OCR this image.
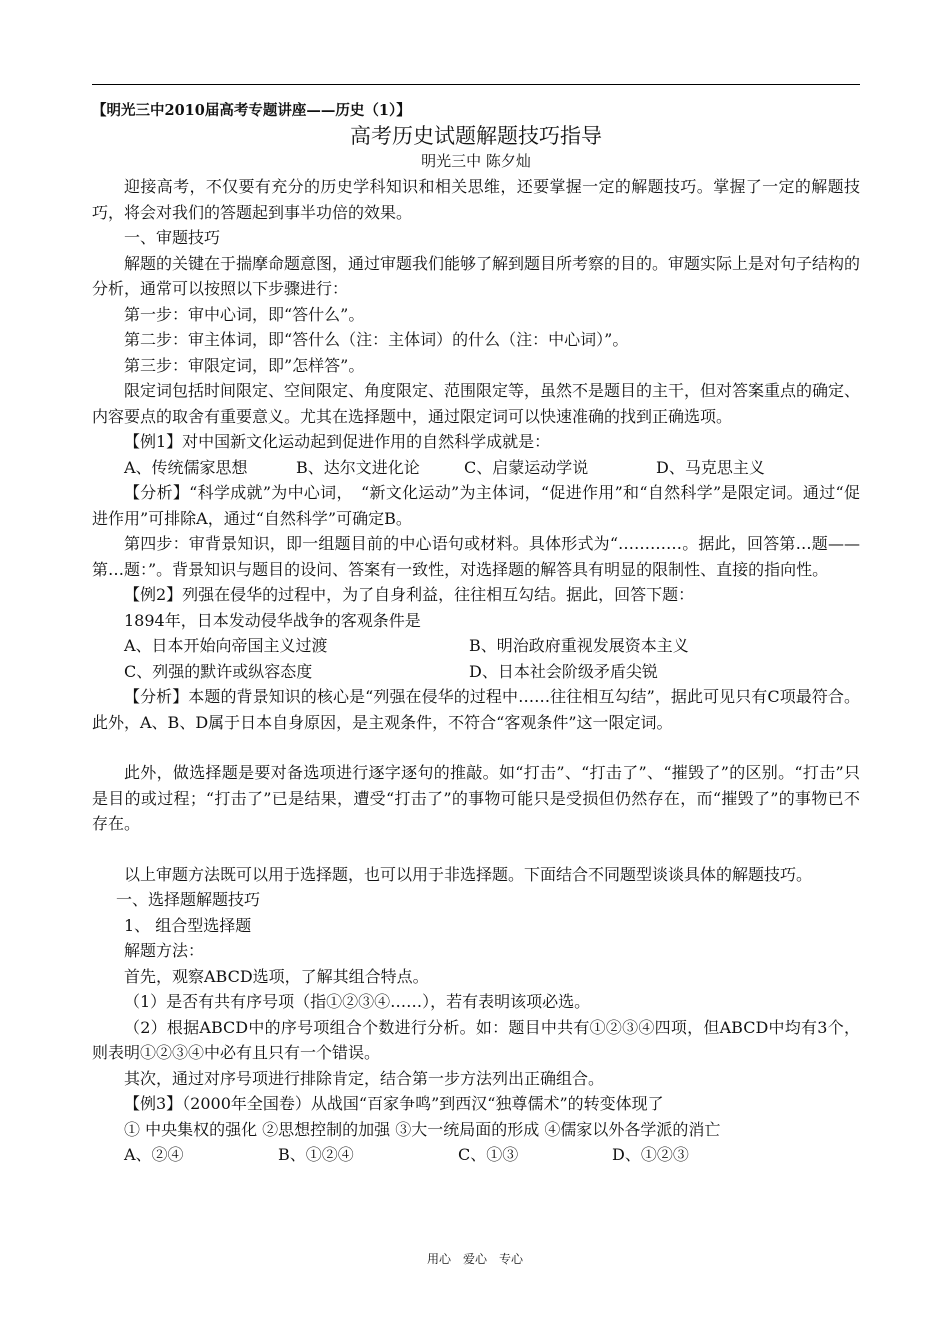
【明光三中2010届高考专题讲座——历史（1）】
高考历史试题解题技巧指导
明光三中 陈夕灿

迎接高考，不仅要有充分的历史学科知识和相关思维，还要掌握一定的解题技巧。掌握了一定的解题技巧，将会对我们的答题起到事半功倍的效果。

一、审题技巧

解题的关键在于揣摩命题意图，通过审题我们能够了解到题目所考察的目的。审题实际上是对句子结构的分析，通常可以按照以下步骤进行：

第一步：审中心词，即“答什么”。

第二步：审主体词，即“答什么（注：主体词）的什么（注：中心词）”。

第三步：审限定词，即”怎样答”。

限定词包括时间限定、空间限定、角度限定、范围限定等，虽然不是题目的主干，但对答案重点的确定、内容要点的取舍有重要意义。尤其在选择题中，通过限定词可以快速准确的找到正确选项。

【例1】对中国新文化运动起到促进作用的自然科学成就是：

A、传统儒家思想	B、达尔文进化论	C、启蒙运动学说	D、马克思主义

【分析】“科学成就”为中心词，　“新文化运动”为主体词，“促进作用”和“自然科学”是限定词。通过“促进作用”可排除A，通过“自然科学”可确定B。

第四步：审背景知识，即一组题目前的中心语句或材料。具体形式为“…………。据此，回答第…题——第…题：”。背景知识与题目的设问、答案有一致性，对选择题的解答具有明显的限制性、直接的指向性。

【例2】列强在侵华的过程中，为了自身利益，往往相互勾结。据此，回答下题：

1894年，日本发动侵华战争的客观条件是

A、日本开始向帝国主义过渡	B、明治政府重视发展资本主义
C、列强的默许或纵容态度	D、日本社会阶级矛盾尖锐

【分析】本题的背景知识的核心是“列强在侵华的过程中……往往相互勾结”，据此可见只有C项最符合。此外，A、B、D属于日本自身原因，是主观条件，不符合“客观条件”这一限定词。

此外，做选择题是要对备选项进行逐字逐句的推敲。如“打击”、“打击了”、“摧毁了”的区别。“打击”只是目的或过程；“打击了”已是结果，遭受“打击了”的事物可能只是受损但仍然存在，而“摧毁了”的事物已不存在。

以上审题方法既可以用于选择题，也可以用于非选择题。下面结合不同题型谈谈具体的解题技巧。

一、选择题解题技巧

1、 组合型选择题

解题方法：

首先，观察ABCD选项，了解其组合特点。

（1）是否有共有序号项（指①②③④……），若有表明该项必选。

（2）根据ABCD中的序号项组合个数进行分析。如：题目中共有①②③④四项，但ABCD中均有3个，则表明①②③④中必有且只有一个错误。

其次，通过对序号项进行排除肯定，结合第一步方法列出正确组合。

【例3】（2000年全国卷）从战国“百家争鸣”到西汉“独尊儒术”的转变体现了

① 中央集权的强化 ②思想控制的加强 ③大一统局面的形成 ④儒家以外各学派的消亡

A、②④	B、①②④	C、①③	D、①②③
用心　爱心　专心
